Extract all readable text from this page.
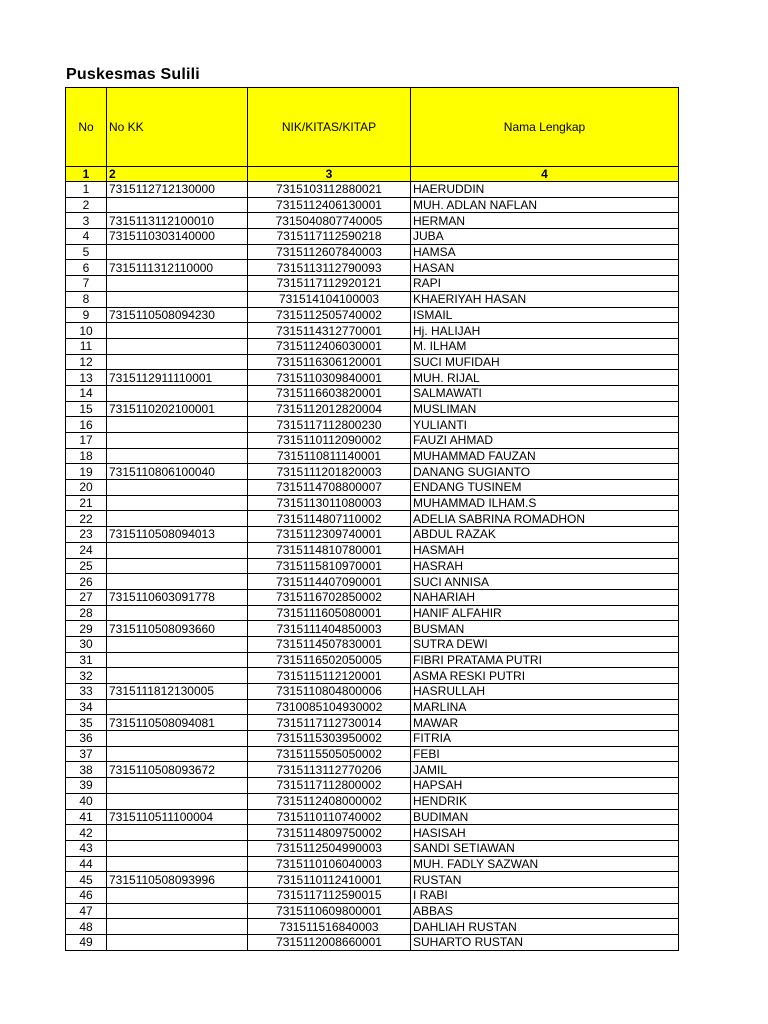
Puskesmas Sulili
No	No KK	NIK/KITAS/KITAP	Nama Lengkap
1	2	3	4
1	7315112712130000	7315103112880021	HAERUDDIN
2		7315112406130001	MUH. ADLAN NAFLAN
3	7315113112100010	7315040807740005	HERMAN
4	7315110303140000	7315117112590218	JUBA
5		7315112607840003	HAMSA
6	7315111312110000	7315113112790093	HASAN
7		7315117112920121	RAPI
8		731514104100003	KHAERIYAH HASAN
9	7315110508094230	7315112505740002	ISMAIL
10		7315114312770001	Hj. HALIJAH
11		7315112406030001	M. ILHAM
12		7315116306120001	SUCI MUFIDAH
13	7315112911110001	7315110309840001	MUH. RIJAL
14		7315116603820001	SALMAWATI
15	7315110202100001	7315112012820004	MUSLIMAN
16		7315117112800230	YULIANTI
17		7315110112090002	FAUZI AHMAD
18		7315110811140001	MUHAMMAD FAUZAN
19	7315110806100040	7315111201820003	DANANG SUGIANTO
20		7315114708800007	ENDANG TUSINEM
21		7315113011080003	MUHAMMAD ILHAM.S
22		7315114807110002	ADELIA SABRINA ROMADHON
23	7315110508094013	7315112309740001	ABDUL RAZAK
24		7315114810780001	HASMAH
25		7315115810970001	HASRAH
26		7315114407090001	SUCI ANNISA
27	7315110603091778	7315116702850002	NAHARIAH
28		7315111605080001	HANIF ALFAHIR
29	7315110508093660	7315111404850003	BUSMAN
30		7315114507830001	SUTRA DEWI
31		7315116502050005	FIBRI PRATAMA PUTRI
32		7315115112120001	ASMA RESKI PUTRI
33	7315111812130005	7315110804800006	HASRULLAH
34		7310085104930002	MARLINA
35	7315110508094081	7315117112730014	MAWAR
36		7315115303950002	FITRIA
37		7315115505050002	FEBI
38	7315110508093672	7315113112770206	JAMIL
39		7315117112800002	HAPSAH
40		7315112408000002	HENDRIK
41	7315110511100004	7315110110740002	BUDIMAN
42		7315114809750002	HASISAH
43		7315112504990003	SANDI SETIAWAN
44		7315110106040003	MUH. FADLY SAZWAN
45	7315110508093996	7315110112410001	RUSTAN
46		7315117112590015	I RABI
47		7315110609800001	ABBAS
48		731511516840003	DAHLIAH RUSTAN
49		7315112008660001	SUHARTO RUSTAN
